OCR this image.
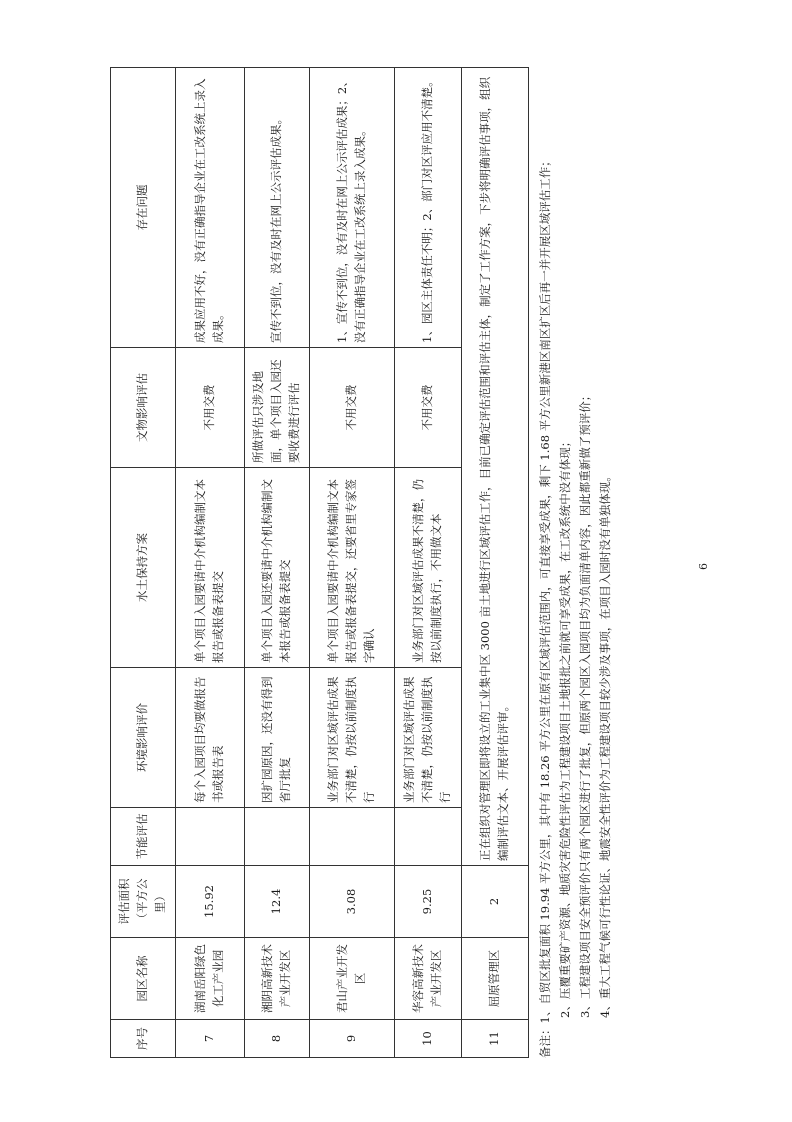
序号	园区名称	评估面积（平方公里）	节能评估	环境影响评价	水土保持方案	文物影响评估	存在问题
7	湖南岳阳绿色化工产业园	15.92		每个入园项目均要做报告书或报告表	单个项目入园要请中介机构编制文本报告或报备表提交	不用交费	成果应用不好，没有正确指导企业在工改系统上录入成果。
8	湘阴高新技术产业开发区	12.4		因扩园原因，还没有得到省厅批复	单个项目入园还要请中介机构编制文本报告或报备表提交	所做评估只涉及地面，单个项目入园还要收费进行评估	宣传不到位，没有及时在网上公示评估成果。
9	君山产业开发区	3.08		业务部门对区域评估成果不清楚，仍按以前制度执行	单个项目入园要请中介机构编制文本报告或报备表提交，还要省里专家签字确认	不用交费	1、宣传不到位，没有及时在网上公示评估成果；2、没有正确指导企业在工改系统上录入成果。
10	华容高新技术产业开发区	9.25		业务部门对区域评估成果不清楚，仍按以前制度执行	业务部门对区域评估成果不清楚，仍按以前制度执行，不用做文本	不用交费	1、园区主体责任不明；2、部门对区评应用不清楚。
11	屈原管理区	2	正在组织对管理区即将设立的工业集中区 3000 亩土地进行区域评估工作，目前已确定评估范围和评估主体，制定了工作方案，下步将明确评估事项，组织编制评估文本、开展评估评审。				
备注：1、自贸区批复面积 19.94 平方公里，其中有 18.26 平方公里在原有区域评估范围内，可直接享受成果，剩下 1.68 平方公里新港区南区扩区后再一并开展区域评估工作； 2、压覆重要矿产资源、地质灾害危险性评估为工程建设项目土地报批之前就可享受成果，在工改系统中没有体现； 3、工程建设项目安全预评价只有两个园区进行了批复，但原两个园区入园项目均为负面清单内容，因此都重新做了预评价； 4、重大工程气候可行性论证、地震安全性评价为工程建设项目较少涉及事项，在项目入园时没有单独体现。	6
